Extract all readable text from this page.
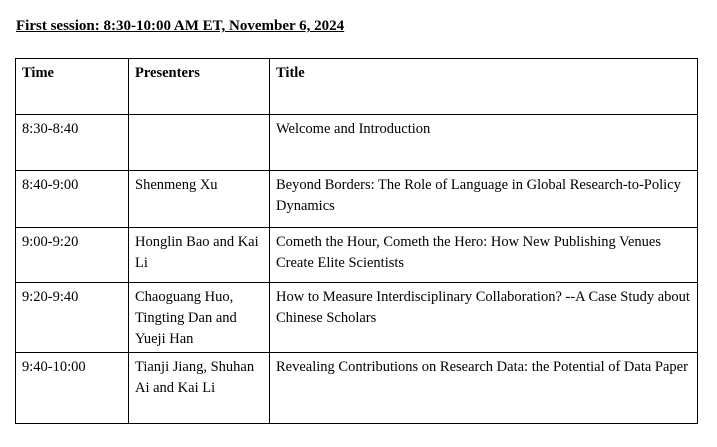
First session: 8:30-10:00 AM ET, November 6, 2024
Time	Presenters	Title
8:30-8:40		Welcome and Introduction
8:40-9:00	Shenmeng Xu	Beyond Borders: The Role of Language in Global Research-to-Policy Dynamics
9:00-9:20	Honglin Bao and Kai Li	Cometh the Hour, Cometh the Hero: How New Publishing Venues Create Elite Scientists
9:20-9:40	Chaoguang Huo, Tingting Dan and Yueji Han	How to Measure Interdisciplinary Collaboration? --A Case Study about Chinese Scholars
9:40-10:00	Tianji Jiang, Shuhan Ai and Kai Li	Revealing Contributions on Research Data: the Potential of Data Paper
